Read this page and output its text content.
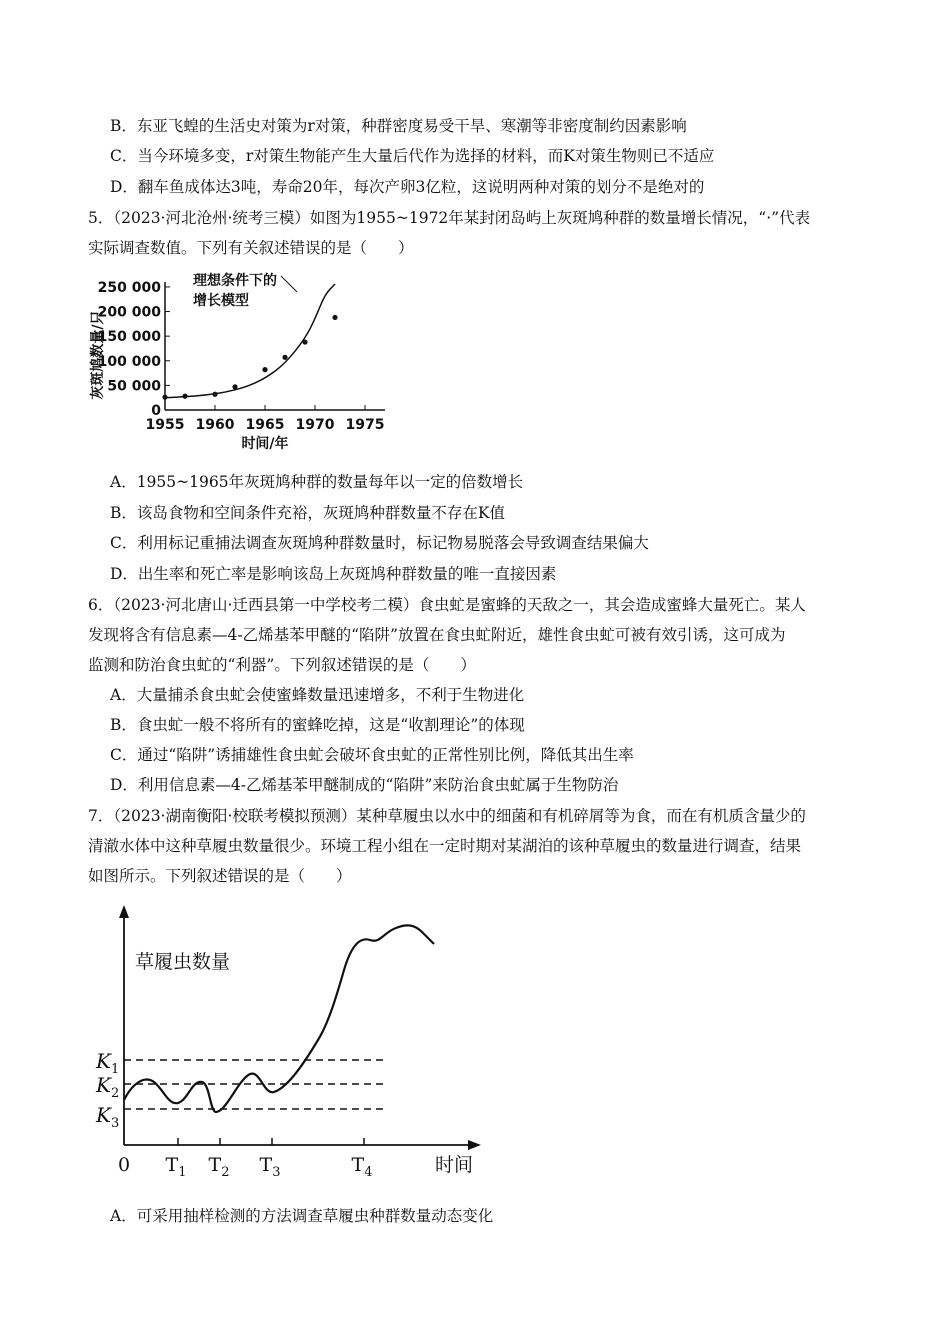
B．东亚飞蝗的生活史对策为r对策，种群密度易受干旱、寒潮等非密度制约因素影响
C．当今环境多变，r对策生物能产生大量后代作为选择的材料，而K对策生物则已不适应
D．翻车鱼成体达3吨，寿命20年，每次产卵3亿粒，这说明两种对策的划分不是绝对的
5．（2023·河北沧州·统考三模）如图为1955~1972年某封闭岛屿上灰斑鸠种群的数量增长情况，“·”代表
实际调查数值。下列有关叙述错误的是（　　）
灰斑鸠数量/只
0
50 000
100 000
150 000
200 000
250 000
1955 1960 1965 1970 1975
理想条件下的
增长模型
时间/年
A．1955~1965年灰斑鸠种群的数量每年以一定的倍数增长
B．该岛食物和空间条件充裕，灰斑鸠种群数量不存在K值
C．利用标记重捕法调查灰斑鸠种群数量时，标记物易脱落会导致调查结果偏大
D．出生率和死亡率是影响该岛上灰斑鸠种群数量的唯一直接因素
6．（2023·河北唐山·迁西县第一中学校考二模）食虫虻是蜜蜂的天敌之一，其会造成蜜蜂大量死亡。某人
发现将含有信息素—4-乙烯基苯甲醚的“陷阱”放置在食虫虻附近，雄性食虫虻可被有效引诱，这可成为
监测和防治食虫虻的“利器”。下列叙述错误的是（　　）
A．大量捕杀食虫虻会使蜜蜂数量迅速增多，不利于生物进化
B．食虫虻一般不将所有的蜜蜂吃掉，这是“收割理论”的体现
C．通过“陷阱”诱捕雄性食虫虻会破坏食虫虻的正常性别比例，降低其出生率
D．利用信息素—4-乙烯基苯甲醚制成的“陷阱”来防治食虫虻属于生物防治
7．（2023·湖南衡阳·校联考模拟预测）某种草履虫以水中的细菌和有机碎屑等为食，而在有机质含量少的
清澈水体中这种草履虫数量很少。环境工程小组在一定时期对某湖泊的该种草履虫的数量进行调查，结果
如图所示。下列叙述错误的是（　　）
草履虫数量
$K_1$
$K_2$
$K_3$
0 $T_1$ $T_2$ $T_3$	$T_4$	时间
A．可采用抽样检测的方法调查草履虫种群数量动态变化
